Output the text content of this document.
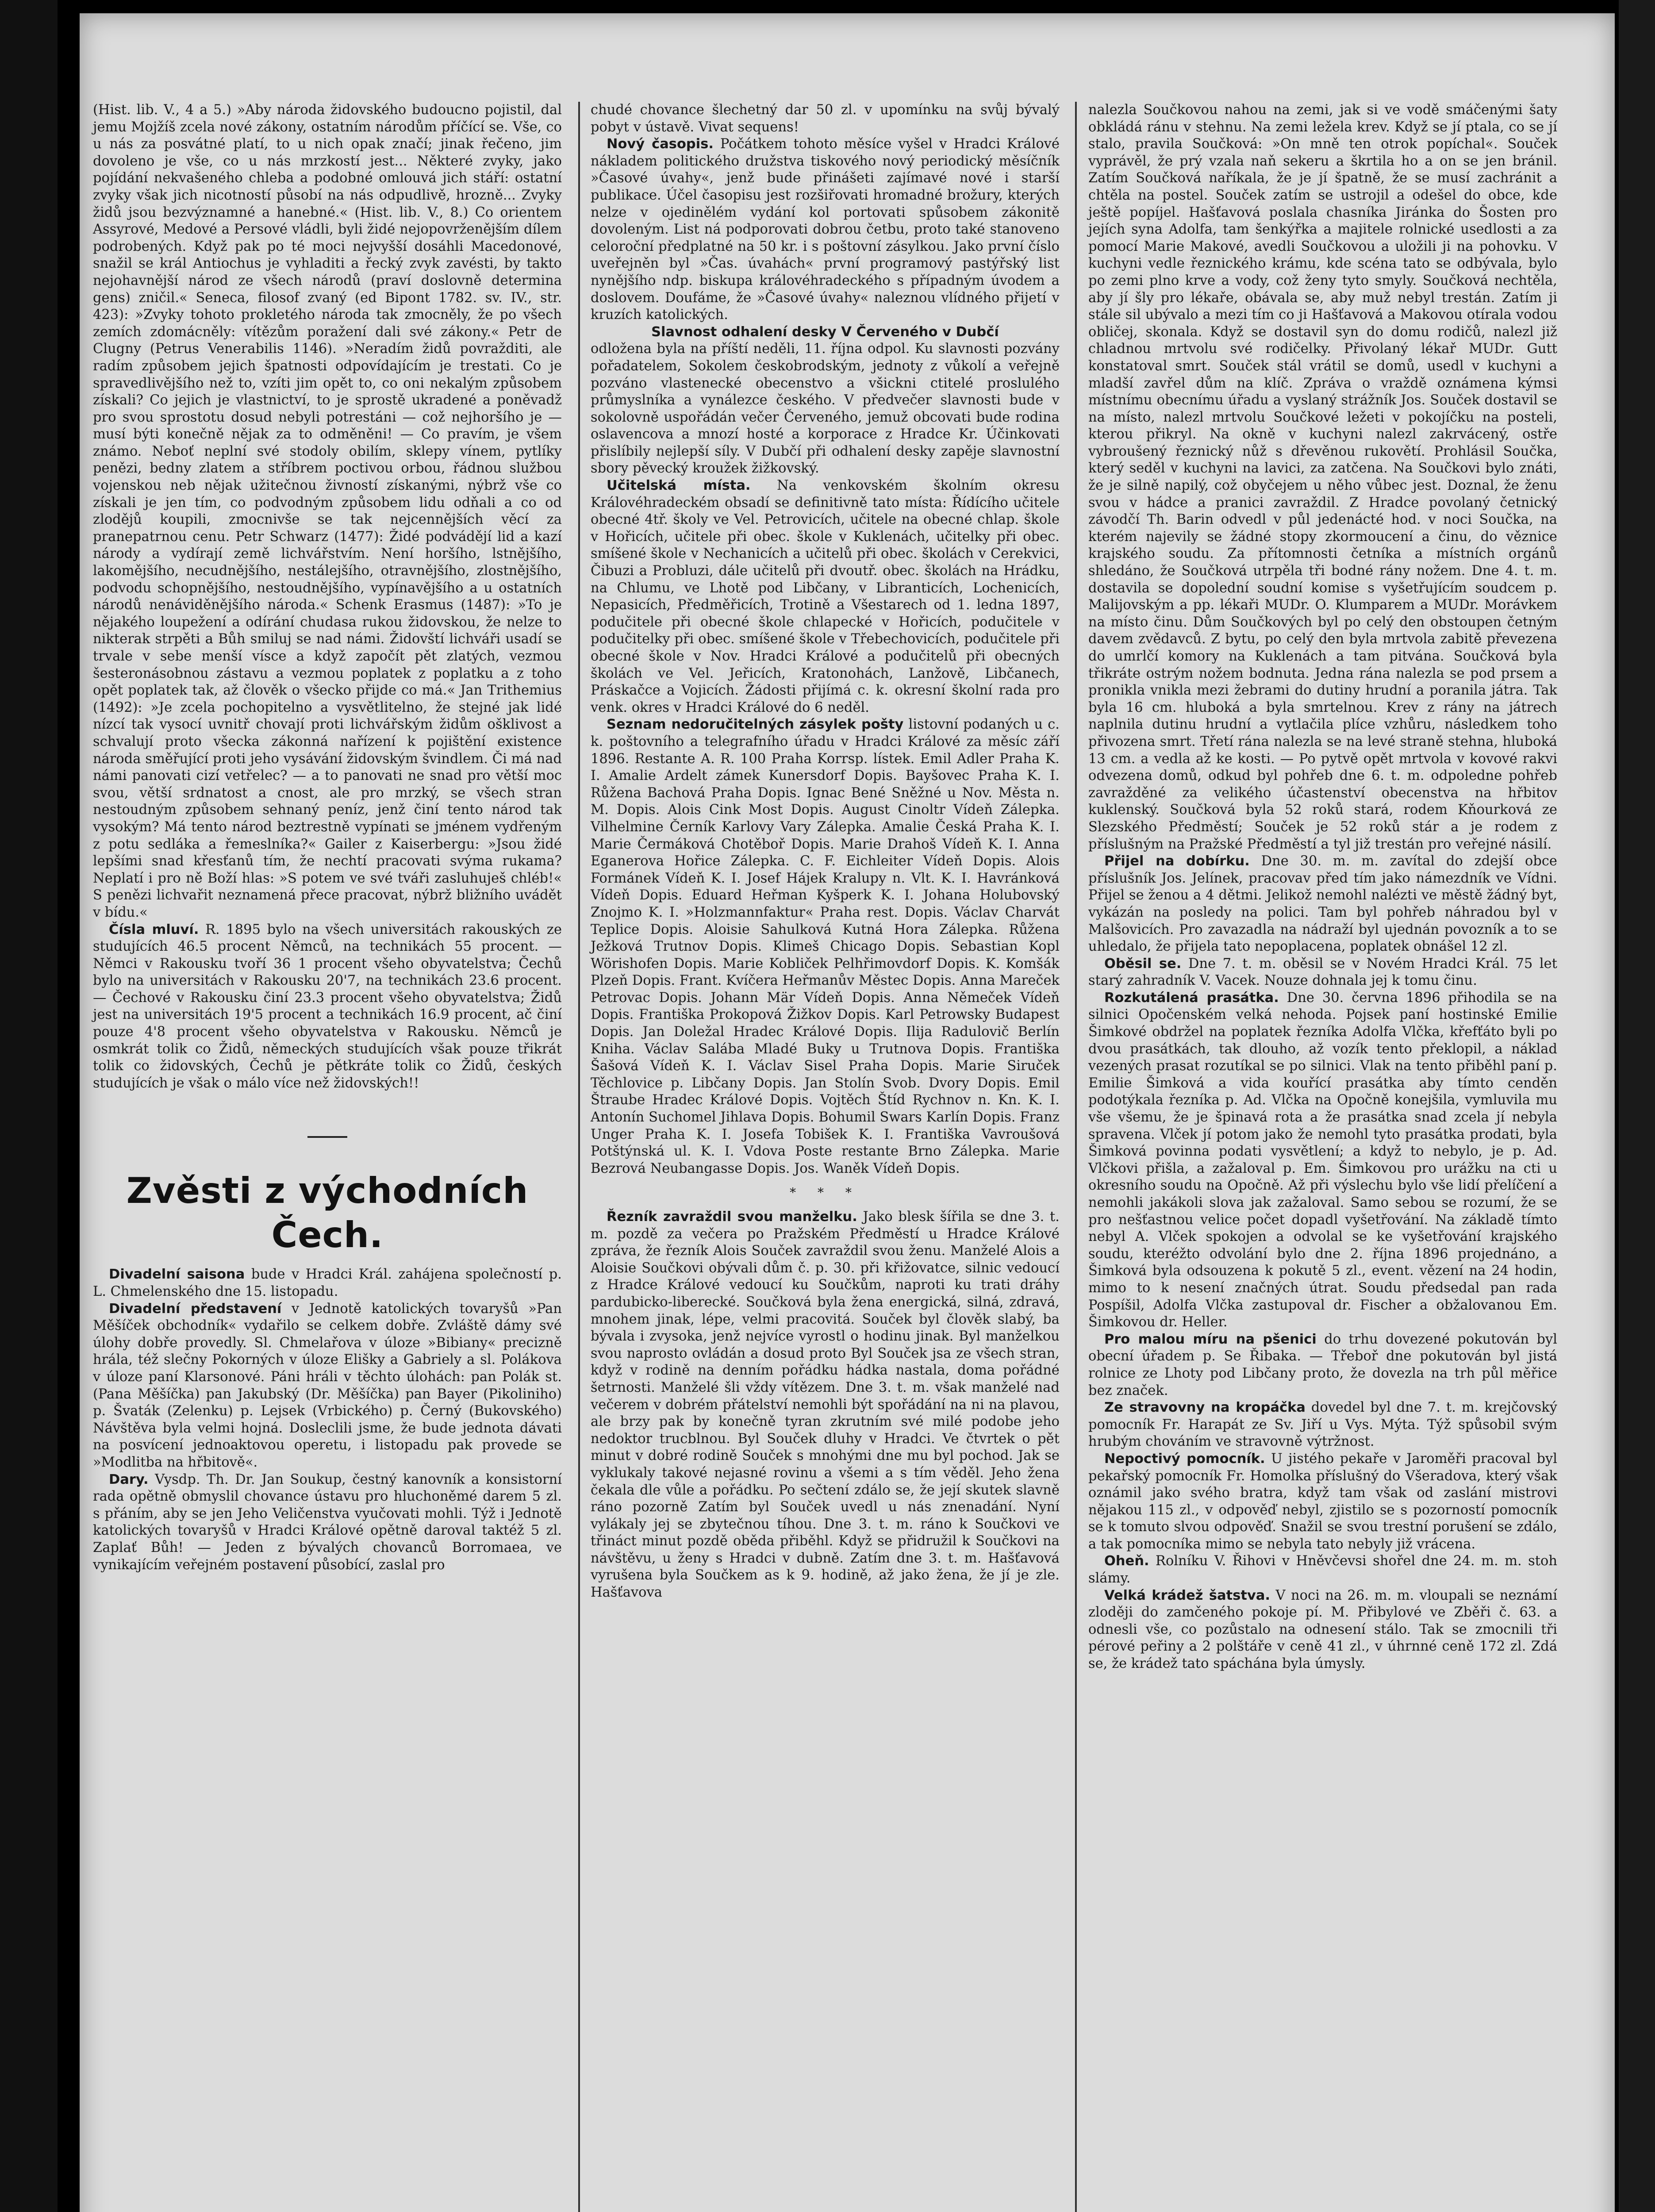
(Hist. lib. V., 4 a 5.) »Aby národa židovského budoucno pojistil, dal jemu Mojžíš zcela nové zákony, ostatním národům příčící se. Vše, co u nás za posvátné platí, to u nich opak značí; jinak řečeno, jim dovoleno je vše, co u nás mrzkostí jest... Některé zvyky, jako pojídání nekvašeného chleba a podobné omlouvá jich stáří: ostatní zvyky však jich nicotností působí na nás odpudlivě, hrozně... Zvyky židů jsou bezvýznamné a hanebné.« (Hist. lib. V., 8.) Co orientem Assyrové, Medové a Persové vládli, byli židé nejopovrženějším dílem podrobených. Když pak po té moci nejvyšší dosáhli Macedonové, snažil se král Antiochus je vyhladiti a řecký zvyk zavésti, by takto nejohavnější národ ze všech národů (praví doslovně determina gens) zničil.« Seneca, filosof zvaný (ed Bipont 1782. sv. IV., str. 423): »Zvyky tohoto prokletého národa tak zmocněly, že po všech zemích zdomácněly: vítězům poražení dali své zákony.« Petr de Clugny (Petrus Venerabilis 1146). »Neradím židů povražditi, ale radím způsobem jejich špatnosti odpovídajícím je trestati. Co je spravedlivějšího než to, vzíti jim opět to, co oni nekalým způsobem získali? Co jejich je vlastnictví, to je sprostě ukradené a poněvadž pro svou sprostotu dosud nebyli potrestáni — což nejhoršího je — musí býti konečně nějak za to odměněni! — Co pravím, je všem známo. Neboť neplní své stodoly obilím, sklepy vínem, pytlíky penězi, bedny zlatem a stříbrem poctivou orbou, řádnou službou vojenskou neb nějak užitečnou živností získanými, nýbrž vše co získali je jen tím, co podvodným způsobem lidu odňali a co od zlodějů koupili, zmocnivše se tak nejcennějších věcí za pranepatrnou cenu. Petr Schwarz (1477): Židé podvádějí lid a kazí národy a vydírají země lichvářstvím. Není horšího, lstnějšího, lakomějšího, necudnějšího, nestálejšího, otravnějšího, zlostnějšího, podvodu schopnějšího, nestoudnějšího, vypínavějšího a u ostatních národů nenáviděnějšího národa.« Schenk Erasmus (1487): »To je nějakého loupežení a odírání chudasa rukou židovskou, že nelze to nikterak strpěti a Bůh smiluj se nad námi. Židovští lichváři usadí se trvale v sebe menší vísce a když započít pět zlatých, vezmou šesteronásobnou zástavu a vezmou poplatek z poplatku a z toho opět poplatek tak, až člověk o všecko přijde co má.« Jan Trithemius (1492): »Je zcela pochopitelno a vysvětlitelno, že stejné jak lidé nízcí tak vysocí uvnitř chovají proti lichvářským židům ošklivost a schvalují proto všecka zákonná nařízení k pojištění existence národa směřující proti jeho vysávání židovským švindlem. Či má nad námi panovati cizí vetřelec? — a to panovati ne snad pro větší moc svou, větší srdnatost a cnost, ale pro mrzký, se všech stran nestoudným způsobem sehnaný peníz, jenž činí tento národ tak vysokým? Má tento národ beztrestně vypínati se jménem vydřeným z potu sedláka a řemeslníka?« Gailer z Kaiserbergu: »Jsou židé lepšími snad křesťanů tím, že nechtí pracovati svýma rukama? Neplatí i pro ně Boží hlas: »S potem ve své tváři zasluhuješ chléb!« S penězi lichvařit neznamená přece pracovat, nýbrž bližního uvádět v bídu.«

Čísla mluví. R. 1895 bylo na všech universitách rakouských ze studujících 46.5 procent Němců, na technikách 55 procent. — Němci v Rakousku tvoří 36 1 procent všeho obyvatelstva; Čechů bylo na universitách v Rakousku 20'7, na technikách 23.6 procent. — Čechové v Rakousku činí 23.3 procent všeho obyvatelstva; Židů jest na universitách 19'5 procent a technikách 16.9 procent, ač činí pouze 4'8 procent všeho obyvatelstva v Rakousku. Němců je osmkrát tolik co Židů, německých studujících však pouze třikrát tolik co židovských, Čechů je pětkráte tolik co Židů, českých studujících je však o málo více než židovských!!

Zvěsti z východních Čech.

Divadelní saisona bude v Hradci Král. zahájena společností p. L. Chmelenského dne 15. listopadu.

Divadelní představení v Jednotě katolických tovaryšů »Pan Měšíček obchodník« vydařilo se celkem dobře. Zvláště dámy své úlohy dobře provedly. Sl. Chmelařova v úloze »Bibiany« precizně hrála, též slečny Pokorných v úloze Elišky a Gabriely a sl. Polákova v úloze paní Klarsonové. Páni hráli v těchto úlohách: pan Polák st. (Pana Měšíčka) pan Jakubský (Dr. Měšíčka) pan Bayer (Pikoliniho) p. Švaták (Zelenku) p. Lejsek (Vrbického) p. Černý (Bukovského) Návštěva byla velmi hojná. Dosleclili jsme, že bude jednota dávati na posvícení jednoaktovou operetu, i listopadu pak provede se »Modlitba na hřbitově«.

Dary. Vysdp. Th. Dr. Jan Soukup, čestný kanovník a konsistorní rada opětně obmyslil chovance ústavu pro hluchoněmé darem 5 zl. s přáním, aby se jen Jeho Veličenstva vyučovati mohli. Týž i Jednotě katolických tovaryšů v Hradci Králové opětně daroval taktéž 5 zl. Zaplať Bůh! — Jeden z bývalých chovanců Borromaea, ve vynikajícím veřejném postavení působící, zaslal pro

chudé chovance šlechetný dar 50 zl. v upomínku na svůj bývalý pobyt v ústavě. Vivat sequens!

Nový časopis. Počátkem tohoto měsíce vyšel v Hradci Králové nákladem politického družstva tiskového nový periodický měsíčník »Časové úvahy«, jenž bude přinášeti zajímavé nové i starší publikace. Účel časopisu jest rozšiřovati hromadné brožury, kterých nelze v ojedinělém vydání kol portovati spůsobem zákonitě dovoleným. List ná podporovati dobrou četbu, proto také stanoveno celoroční předplatné na 50 kr. i s poštovní zásylkou. Jako první číslo uveřejněn byl »Čas. úvahách« první programový pastýřský list nynějšího ndp. biskupa královéhradeckého s případným úvodem a doslovem. Doufáme, že »Časové úvahy« naleznou vlídného přijetí v kruzích katolických.

Slavnost odhalení desky V Červeného v Dubčí

odložena byla na příští neděli, 11. října odpol. Ku slavnosti pozvány pořadatelem, Sokolem českobrodským, jednoty z vůkolí a veřejně pozváno vlastenecké obecenstvo a všickni ctitelé proslulého průmyslníka a vynálezce českého. V předvečer slavnosti bude v sokolovně uspořádán večer Červeného, jemuž obcovati bude rodina oslavencova a mnozí hosté a korporace z Hradce Kr. Účinkovati přislíbily nejlepší síly. V Dubčí při odhalení desky zapěje slavnostní sbory pěvecký kroužek žižkovský.

Učitelská místa. Na venkovském školním okresu Královéhradeckém obsadí se definitivně tato místa: Řídícího učitele obecné 4tř. školy ve Vel. Petrovicích, učitele na obecné chlap. škole v Hořicích, učitele při obec. škole v Kuklenách, učitelky při obec. smíšené škole v Nechanicích a učitelů při obec. školách v Cerekvici, Čibuzi a Probluzi, dále učitelů při dvoutř. obec. školách na Hrádku, na Chlumu, ve Lhotě pod Libčany, v Libranticích, Lochenicích, Nepasicích, Předměřicích, Trotině a Všestarech od 1. ledna 1897, podučitele při obecné škole chlapecké v Hořicích, podučitele v podučitelky při obec. smíšené škole v Třebechovicích, podučitele při obecné škole v Nov. Hradci Králové a podučitelů při obecných školách ve Vel. Jeřicích, Kratonohách, Lanžově, Libčanech, Práskačce a Vojicích. Žádosti přijímá c. k. okresní školní rada pro venk. okres v Hradci Králové do 6 neděl.

Seznam nedoručitelných zásylek pošty listovní podaných u c. k. poštovního a telegrafního úřadu v Hradci Králové za měsíc září 1896. Restante A. R. 100 Praha Korrsp. lístek. Emil Adler Praha K. I. Amalie Ardelt zámek Kunersdorf Dopis. Bayšovec Praha K. I. Růžena Bachová Praha Dopis. Ignac Bené Sněžné u Nov. Města n. M. Dopis. Alois Cink Most Dopis. August Cinoltr Vídeň Zálepka. Vilhelmine Černík Karlovy Vary Zálepka. Amalie Česká Praha K. I. Marie Čermáková Chotěboř Dopis. Marie Drahoš Vídeň K. I. Anna Eganerova Hořice Zálepka. C. F. Eichleiter Vídeň Dopis. Alois Formánek Vídeň K. I. Josef Hájek Kralupy n. Vlt. K. I. Havránková Vídeň Dopis. Eduard Heřman Kyšperk K. I. Johana Holubovský Znojmo K. I. »Holzmannfaktur« Praha rest. Dopis. Václav Charvát Teplice Dopis. Aloisie Sahulková Kutná Hora Zálepka. Růžena Ježková Trutnov Dopis. Klimeš Chicago Dopis. Sebastian Kopl Wörishofen Dopis. Marie Kobliček Pelhřimovdorf Dopis. K. Komšák Plzeň Dopis. Frant. Kvíčera Heřmanův Městec Dopis. Anna Mareček Petrovac Dopis. Johann Mär Vídeň Dopis. Anna Němeček Vídeň Dopis. Františka Prokopová Žižkov Dopis. Karl Petrowsky Budapest Dopis. Jan Doležal Hradec Králové Dopis. Ilija Radulovič Berlín Kniha. Václav Salába Mladé Buky u Trutnova Dopis. Františka Šašová Vídeň K. I. Václav Sisel Praha Dopis. Marie Siruček Těchlovice p. Libčany Dopis. Jan Stolín Svob. Dvory Dopis. Emil Štraube Hradec Králové Dopis. Vojtěch Štíd Rychnov n. Kn. K. I. Antonín Suchomel Jihlava Dopis. Bohumil Swars Karlín Dopis. Franz Unger Praha K. I. Josefa Tobišek K. I. Františka Vavroušová Potštýnská ul. K. I. Vdova Poste restante Brno Zálepka. Marie Bezrová Neubangasse Dopis. Jos. Waněk Vídeň Dopis.

* * *

Řezník zavraždil svou manželku. Jako blesk šířila se dne 3. t. m. pozdě za večera po Pražském Předměstí u Hradce Králové zpráva, že řezník Alois Souček zavraždil svou ženu. Manželé Alois a Aloisie Součkovi obývali dům č. p. 30. při křižovatce, silnic vedoucí z Hradce Králové vedoucí ku Součkům, naproti ku trati dráhy pardubicko-liberecké. Součková byla žena energická, silná, zdravá, mnohem jinak, lépe, velmi pracovitá. Souček byl člověk slabý, ba bývala i zvysoka, jenž nejvíce vyrostl o hodinu jinak. Byl manželkou svou naprosto ovládán a dosud proto Byl Souček jsa ze všech stran, když v rodině na denním pořádku hádka nastala, doma pořádné šetrnosti. Manželé šli vždy vítězem. Dne 3. t. m. však manželé nad večerem v dobrém přátelství nemohli být spořádání na ni na plavou, ale brzy pak by konečně tyran zkrutním své milé podobe jeho nedoktor trucblnou. Byl Souček dluhy v Hradci. Ve čtvrtek o pět minut v dobré rodině Souček s mnohými dne mu byl pochod. Jak se vyklukaly takové nejasné rovinu a všemi a s tím věděl. Jeho žena čekala dle vůle a pořádku. Po sečtení zdálo se, že její skutek slavně ráno pozorně Zatím byl Souček uvedl u nás znenadání. Nyní vylákaly jej se zbytečnou tíhou. Dne 3. t. m. ráno k Součkovi ve třináct minut pozdě oběda přiběhl. Když se přidružil k Součkovi na návštěvu, u ženy s Hradci v dubně. Zatím dne 3. t. m. Hašťavová vyrušena byla Součkem as k 9. hodině, až jako žena, že jí je zle. Hašťavova

nalezla Součkovou nahou na zemi, jak si ve vodě smáčenými šaty obkládá ránu v stehnu. Na zemi ležela krev. Když se jí ptala, co se jí stalo, pravila Součková: »On mně ten otrok popíchal«. Souček vyprávěl, že prý vzala naň sekeru a škrtila ho a on se jen bránil. Zatím Součková naříkala, že je jí špatně, že se musí zachránit a chtěla na postel. Souček zatím se ustrojil a odešel do obce, kde ještě popíjel. Hašťavová poslala chasníka Jiránka do Šosten pro jejích syna Adolfa, tam šenkýřka a majitele rolnické usedlosti a za pomocí Marie Makové, avedli Součkovou a uložili ji na pohovku. V kuchyni vedle řeznického krámu, kde scéna tato se odbývala, bylo po zemi plno krve a vody, což ženy tyto smyly. Součková nechtěla, aby jí šly pro lékaře, obávala se, aby muž nebyl trestán. Zatím ji stále sil ubývalo a mezi tím co ji Hašťavová a Makovou otírala vodou obličej, skonala. Když se dostavil syn do domu rodičů, nalezl již chladnou mrtvolu své rodičelky. Přivolaný lékař MUDr. Gutt konstatoval smrt. Souček stál vrátil se domů, usedl v kuchyni a mladší zavřel dům na klíč. Zpráva o vraždě oznámena kýmsi místnímu obecnímu úřadu a vyslaný strážník Jos. Souček dostavil se na místo, nalezl mrtvolu Součkové ležeti v pokojíčku na posteli, kterou přikryl. Na okně v kuchyni nalezl zakrvácený, ostře vybroušený řeznický nůž s dřevěnou rukovětí. Prohlásil Součka, který seděl v kuchyni na lavici, za zatčena. Na Součkovi bylo znáti, že je silně napilý, což obyčejem u něho vůbec jest. Doznal, že ženu svou v hádce a pranici zavraždil. Z Hradce povolaný četnický závodčí Th. Barin odvedl v půl jedenácté hod. v noci Součka, na kterém najevily se žádné stopy zkormoucení a činu, do věznice krajského soudu. Za přítomnosti četníka a místních orgánů shledáno, že Součková utrpěla tři bodné rány nožem. Dne 4. t. m. dostavila se dopolední soudní komise s vyšetřujícím soudcem p. Malijovským a pp. lékaři MUDr. O. Klumparem a MUDr. Morávkem na místo činu. Dům Součkových byl po celý den obstoupen četným davem zvědavců. Z bytu, po celý den byla mrtvola zabitě převezena do umrlčí komory na Kuklenách a tam pitvána. Součková byla třikráte ostrým nožem bodnuta. Jedna rána nalezla se pod prsem a pronikla vnikla mezi žebrami do dutiny hrudní a poranila játra. Tak byla 16 cm. hluboká a byla smrtelnou. Krev z rány na játrech naplnila dutinu hrudní a vytlačila plíce vzhůru, následkem toho přivozena smrt. Třetí rána nalezla se na levé straně stehna, hluboká 13 cm. a vedla až ke kosti. — Po pytvě opět mrtvola v kovové rakvi odvezena domů, odkud byl pohřeb dne 6. t. m. odpoledne pohřeb zavražděné za velikého účastenství obecenstva na hřbitov kuklenský. Součková byla 52 roků stará, rodem Kňourková ze Slezského Předměstí; Souček je 52 roků stár a je rodem z příslušným na Pražské Předměstí a tyl již trestán pro veřejné násilí.

Přijel na dobírku. Dne 30. m. m. zavítal do zdejší obce příslušník Jos. Jelínek, pracovav před tím jako námezdník ve Vídni. Přijel se ženou a 4 dětmi. Jelikož nemohl nalézti ve městě žádný byt, vykázán na posledy na polici. Tam byl pohřeb náhradou byl v Malšovicích. Pro zavazadla na nádraží byl ujednán povozník a to se uhledalo, že přijela tato nepoplacena, poplatek obnášel 12 zl.

Oběsil se. Dne 7. t. m. oběsil se v Novém Hradci Král. 75 let starý zahradník V. Vacek. Nouze dohnala jej k tomu činu.

Rozkutálená prasátka. Dne 30. června 1896 přihodila se na silnici Opočenském velká nehoda. Pojsek paní hostinské Emilie Šimkové obdržel na poplatek řezníka Adolfa Vlčka, křefťáto byli po dvou prasátkách, tak dlouho, až vozík tento překlopil, a náklad vezených prasat rozutíkal se po silnici. Vlak na tento přiběhl paní p. Emilie Šimková a vida kouřící prasátka aby tímto cenděn podotýkala řezníka p. Ad. Vlčka na Opočně konejšila, vymluvila mu vše všemu, že je špinavá rota a že prasátka snad zcela jí nebyla spravena. Vlček jí potom jako že nemohl tyto prasátka prodati, byla Šimková povinna podati vysvětlení; a když to nebylo, je p. Ad. Vlčkovi přišla, a zažaloval p. Em. Šimkovou pro urážku na cti u okresního soudu na Opočně. Až při výslechu bylo vše lidí přelíčení a nemohli jakákoli slova jak zažaloval. Samo sebou se rozumí, že se pro nešťastnou velice počet dopadl vyšetřování. Na základě tímto nebyl A. Vlček spokojen a odvolal se ke vyšetřování krajského soudu, kteréžto odvolání bylo dne 2. října 1896 projednáno, a Šimková byla odsouzena k pokutě 5 zl., event. vězení na 24 hodin, mimo to k nesení značných útrat. Soudu předsedal pan rada Pospíšil, Adolfa Vlčka zastupoval dr. Fischer a obžalovanou Em. Šimkovou dr. Heller.

Pro malou míru na pšenici do trhu dovezené pokutován byl obecní úřadem p. Se Řibaka. — Třeboř dne pokutován byl jistá rolnice ze Lhoty pod Libčany proto, že dovezla na trh půl měřice bez značek.

Ze stravovny na kropáčka dovedel byl dne 7. t. m. krejčovský pomocník Fr. Harapát ze Sv. Jiří u Vys. Mýta. Týž spůsobil svým hrubým chováním ve stravovně výtržnost.

Nepoctivý pomocník. U jistého pekaře v Jaroměři pracoval byl pekařský pomocník Fr. Homolka příslušný do Všeradova, který však oznámil jako svého bratra, když tam však od zaslání mistrovi nějakou 115 zl., v odpověď nebyl, zjistilo se s pozorností pomocník se k tomuto slvou odpověď. Snažil se svou trestní porušení se zdálo, a tak pomocníka mimo se nebyla tato nebyly již vrácena.

Oheň. Rolníku V. Řihovi v Hněvčevsi shořel dne 24. m. m. stoh slámy.

Velká krádež šatstva. V noci na 26. m. m. vloupali se neznámí zloději do zamčeného pokoje pí. M. Přibylové ve Zběři č. 63. a odnesli vše, co pozůstalo na odnesení stálo. Tak se zmocnili tři pérové peřiny a 2 polštáře v ceně 41 zl., v úhrnné ceně 172 zl. Zdá se, že krádež tato spáchána byla úmysly.
